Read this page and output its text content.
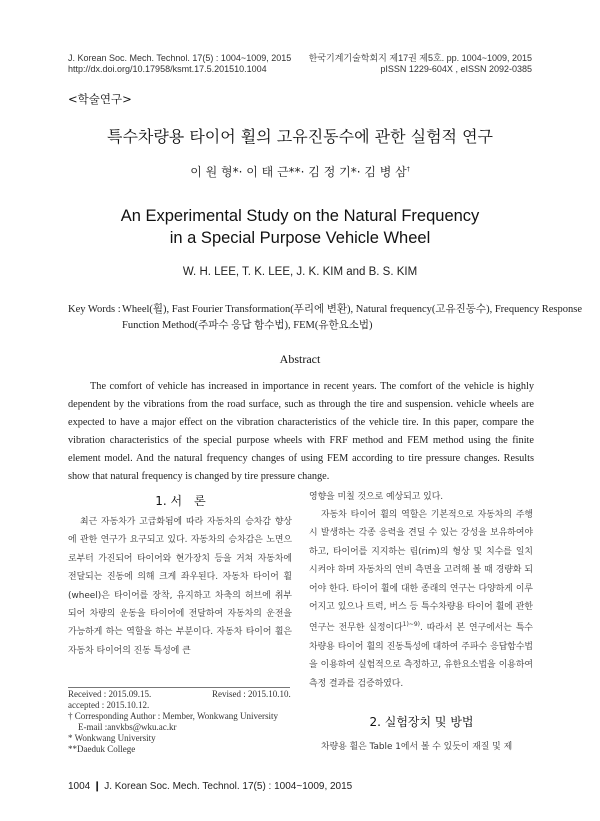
J. Korean Soc. Mech. Technol. 17(5) : 1004~1009, 2015
http://dx.doi.org/10.17958/ksmt.17.5.201510.1004
한국기계기술학회지 제17권 제5호. pp. 1004~1009, 2015
pISSN 1229-604X , eISSN 2092-0385
<학술연구>
특수차량용 타이어 휠의 고유진동수에 관한 실험적 연구
이 원 형*· 이 태 근**· 김 정 기*· 김 병 삼†
An Experimental Study on the Natural Frequency
in a Special Purpose Vehicle Wheel
W. H. LEE, T. K. LEE, J. K. KIM and B. S. KIM
Key Words : Wheel(휠), Fast Fourier Transformation(푸리에 변환), Natural frequency(고유진동수), Frequency Response
Function Method(주파수 응답 함수법), FEM(유한요소법)
Abstract
The comfort of vehicle has increased in importance in recent years. The comfort of the vehicle is highly dependent by the vibrations from the road surface, such as through the tire and suspension. vehicle wheels are expected to have a major effect on the vibration characteristics of the vehicle tire. In this paper, compare the vibration characteristics of the special purpose wheels with FRF method and FEM method using the finite element model. And the natural frequency changes of using FEM according to tire pressure changes. Results show that natural frequency is changed by tire pressure change.
1. 서　론
최근 자동차가 고급화됨에 따라 자동차의 승차감 향상에 관한 연구가 요구되고 있다. 자동차의 승차감은 노면으로부터 가진되어 타이어와 현가장치 등을 거쳐 자동차에 전달되는 진동에 의해 크게 좌우된다. 자동차 타이어 휠(wheel)은 타이어를 장착, 유지하고 차축의 허브에 취부되어 차량의 운동을 타이어에 전달하여 자동차의 운전을 가능하게 하는 역할을 하는 부분이다. 자동차 타이어 휠은 자동차 타이어의 진동 특성에 큰
Received : 2015.09.15.	Revised : 2015.10.10.
accepted : 2015.10.12.
† Corresponding Author : Member, Wonkwang University
E-mail :anvkbs@wku.ac.kr
* Wonkwang University
**Daeduk College
영향을 미칠 것으로 예상되고 있다.
자동차 타이어 휠의 역할은 기본적으로 자동차의 주행 시 발생하는 각종 응력을 견딜 수 있는 강성을 보유하여야 하고, 타이어를 지지하는 림(rim)의 형상 및 치수를 일치시켜야 하며 자동차의 연비 측면을 고려해 볼 때 경량화 되어야 한다. 타이어 휠에 대한 종래의 연구는 다양하게 이루어지고 있으나 트럭, 버스 등 특수차량용 타이어 휠에 관한 연구는 전무한 실정이다$^{1)\sim 9)}$. 따라서 본 연구에서는 특수차량용 타이어 휠의 진동특성에 대하여 주파수 응답함수법을 이용하여 실험적으로 측정하고, 유한요소법을 이용하여 측정 결과를 검증하였다.
2. 실험장치 및 방법
차량용 휠은 Table 1에서 볼 수 있듯이 재질 및 제
1004 ❙ J. Korean Soc. Mech. Technol. 17(5) : 1004~1009, 2015
